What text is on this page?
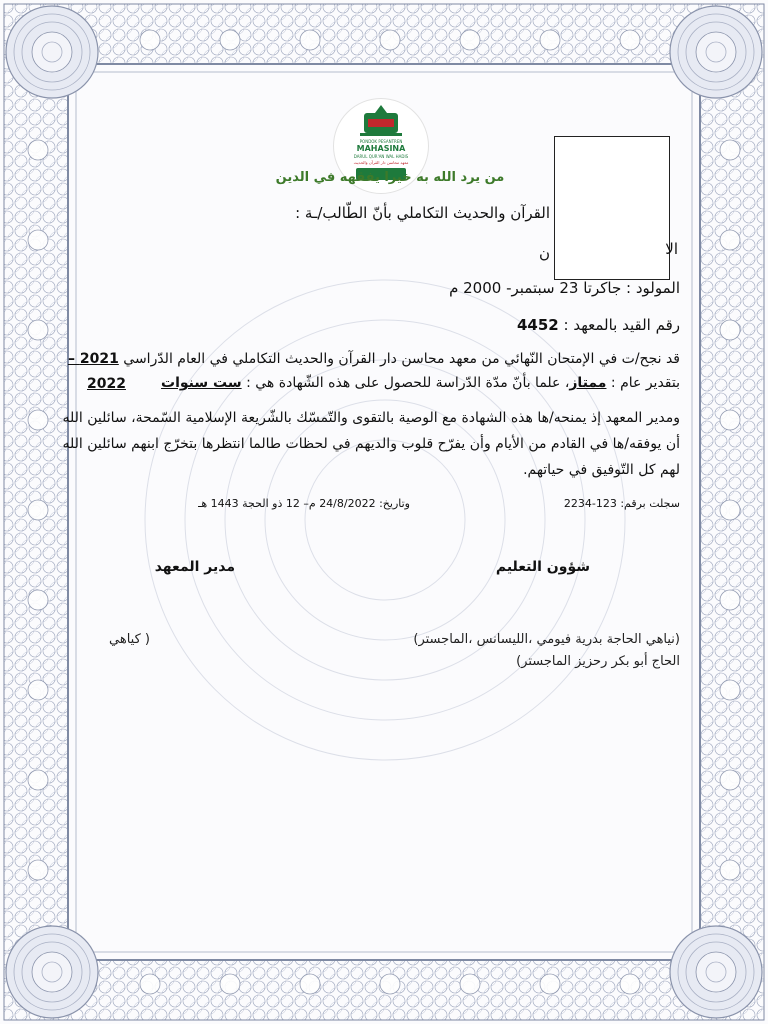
PONDOK PESANTREN
MAHASINA
DARUL QUR'AN WAL HADIS
معهد محاسن دار القرآن والحديث
من يرد الله به خيرا يفقهه في الدين
القرآن والحديث التكاملي بأنّ الطّالب/ـة :
ن	الا
المولود : جاكرتا 23 سبتمبر- 2000 م
رقم القيد بالمعهد : 4452
قد نجح/ت في الإمتحان النّهائي من معهد محاسن دار القرآن والحديث التكاملي في العام الدّراسي 2021 –
بتقدير عام : ممتاز، علما بأنّ مدّة الدّراسة للحصول على هذه الشّهادة هي : ست سنوات
2022
ومدير المعهد إذ يمنحه/ها هذه الشهادة مع الوصية بالتقوى والتّمسّك بالشّريعة الإسلامية السّمحة، سائلين الله
أن يوفقه/ها في القادم من الأيام وأن يفرّح قلوب والديهم في لحظات طالما انتظرها بتخرّج ابنهم سائلين الله
لهم كل التّوفيق في حياتهم.
سجلت برقم: 123-2234
وتاريخ: 24/8/2022 م– 12 ذو الحجة 1443 هـ
شؤون التعليم
مدير المعهد
(نياهي الحاجة بدرية فيومي ،الليسانس ،الماجستر)
( كياهي
الحاج أبو بكر رحزيز الماجستر)
